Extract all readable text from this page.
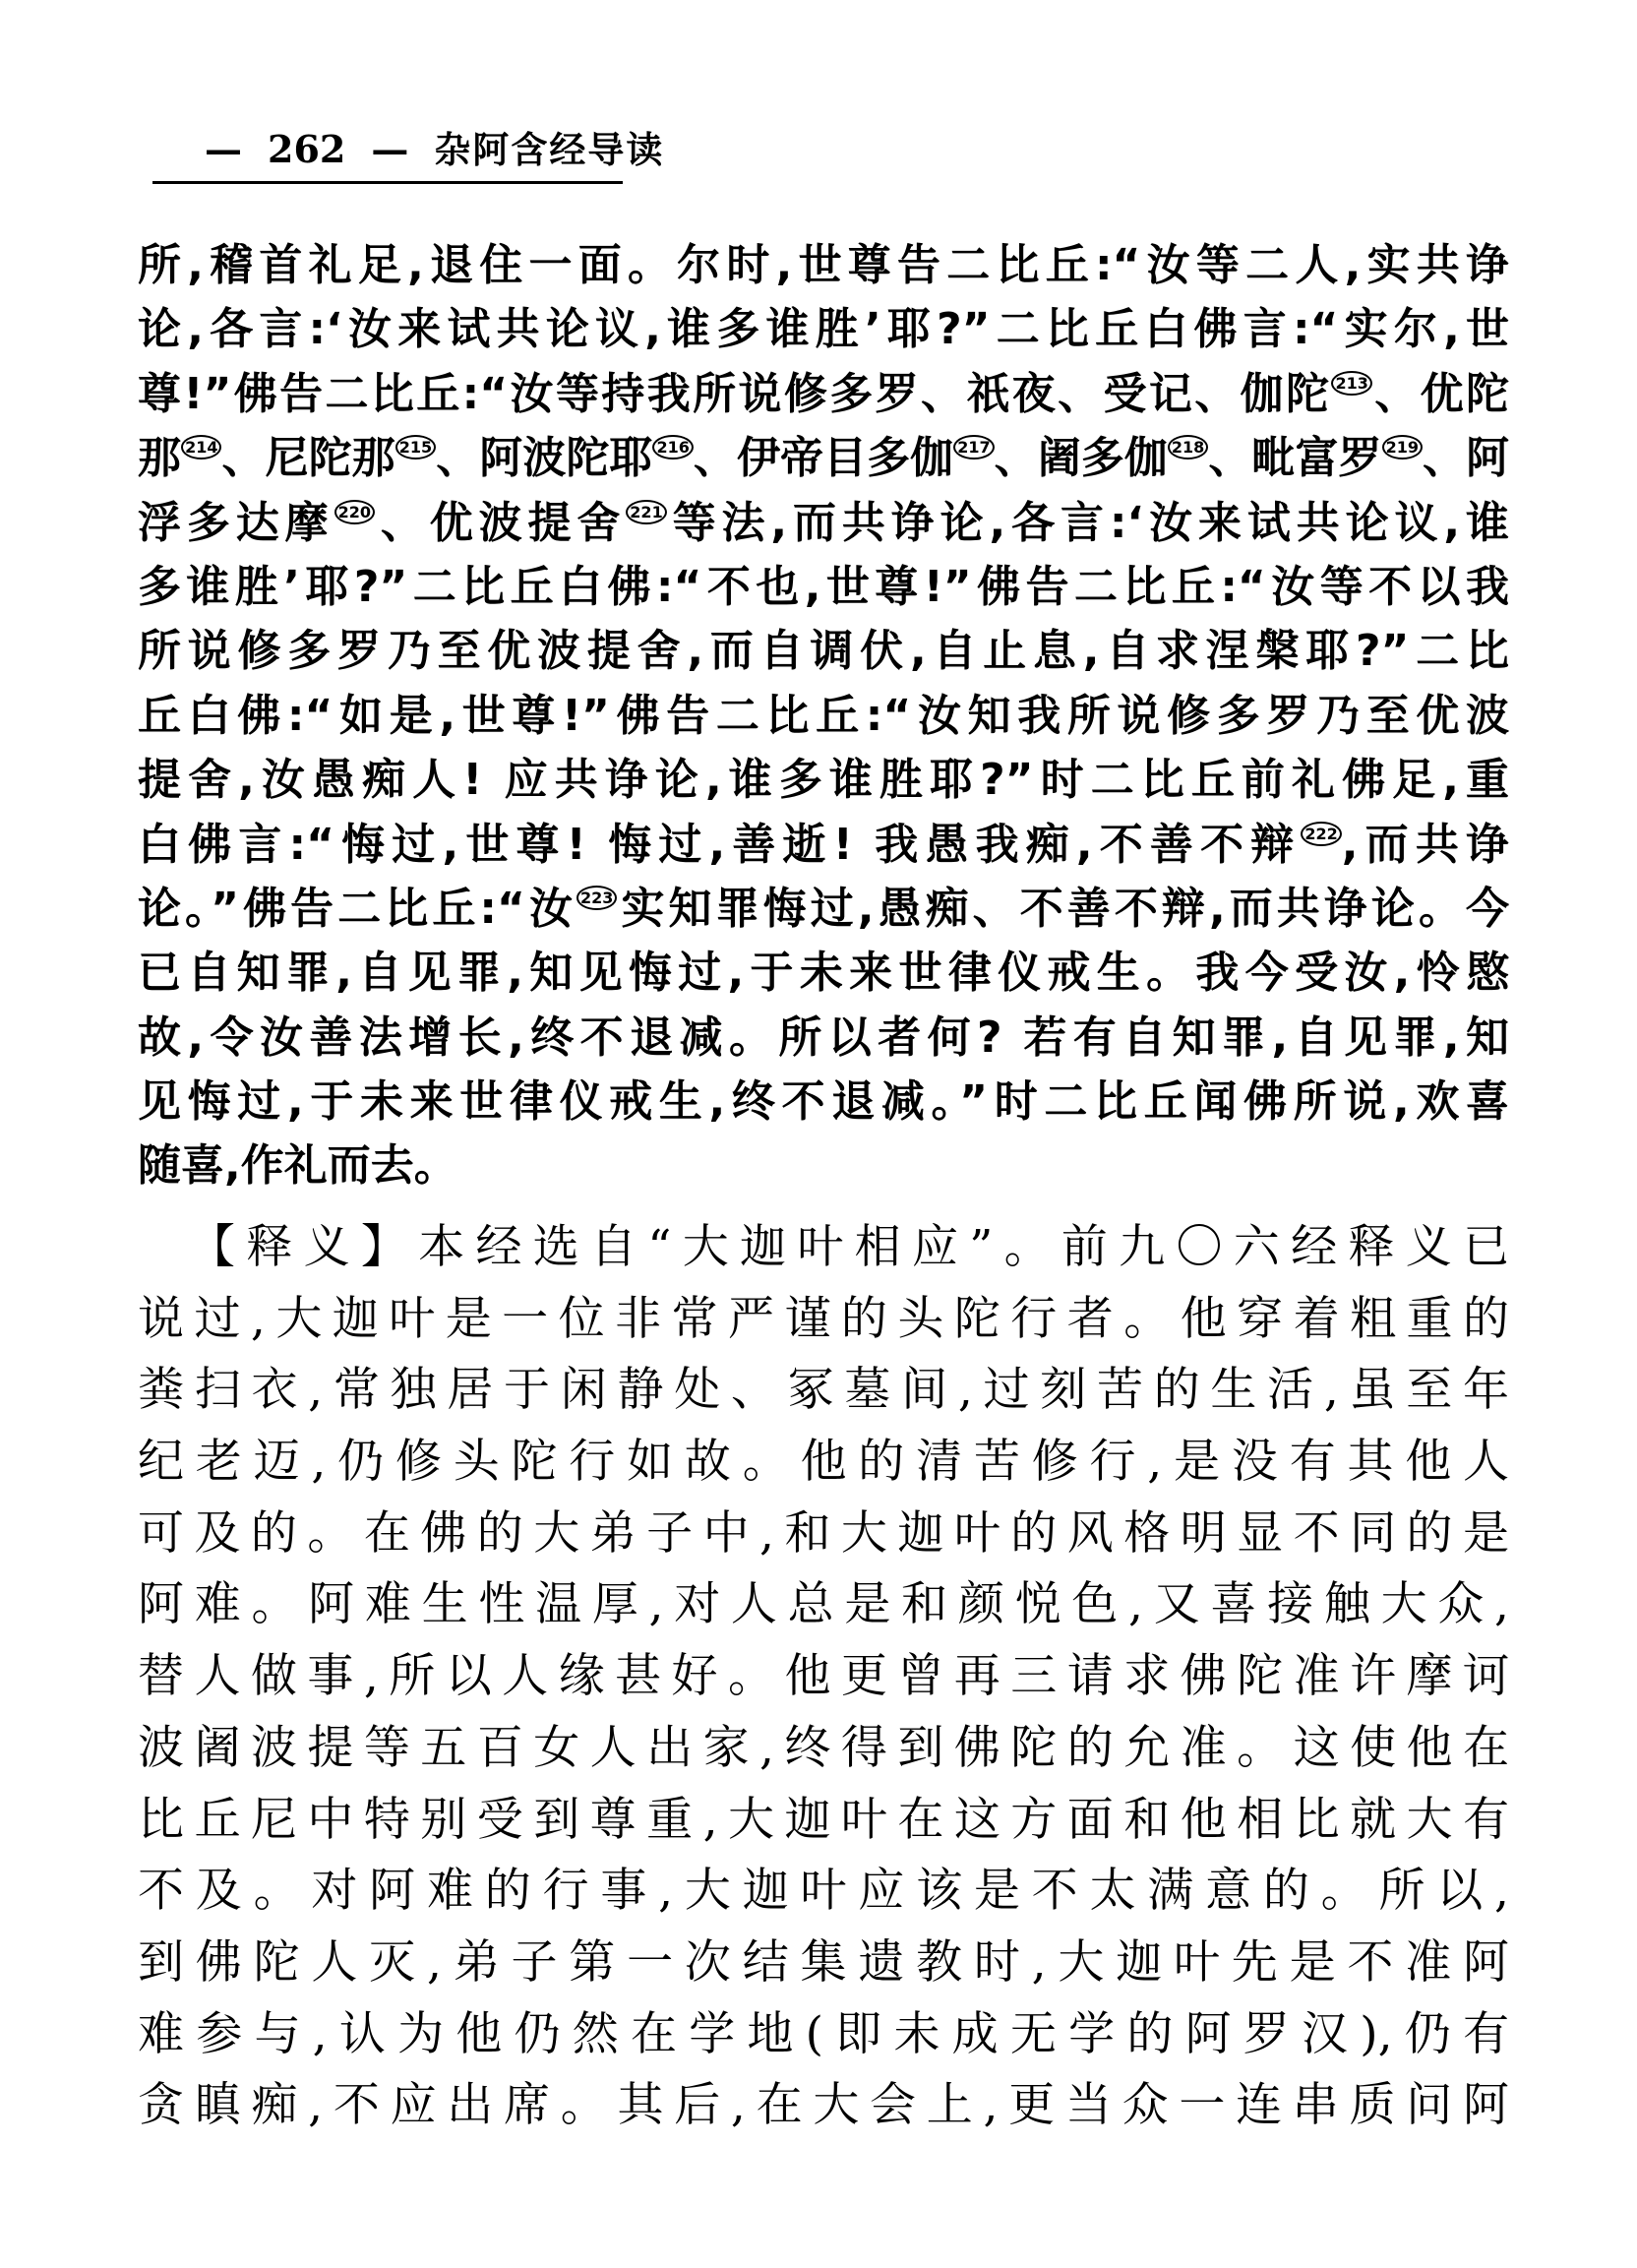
— 262 — 杂阿含经导读
所,稽首礼足,退住一面。尔时,世尊告二比丘:“汝等二人,实共诤
论,各言:‘汝来试共论议,谁多谁胜’耶?”二比丘白佛言:“实尔,世
尊!”佛告二比丘:“汝等持我所说修多罗、祇夜、受记、伽陀 213、优陀
那 214、尼陀那 215、阿波陀耶 216、伊帝目多伽 217、阇多伽 218、毗富罗 219、阿
浮多达摩 220、优波提舍 221等法,而共诤论,各言:‘汝来试共论议,谁
多谁胜’耶?”二比丘白佛:“不也,世尊!”佛告二比丘:“汝等不以我
所说修多罗乃至优波提舍,而自调伏,自止息,自求涅槃耶?”二比
丘白佛:“如是,世尊!”佛告二比丘:“汝知我所说修多罗乃至优波
提舍,汝愚痴人! 应共诤论,谁多谁胜耶?”时二比丘前礼佛足,重
白佛言:“悔过,世尊! 悔过,善逝! 我愚我痴,不善不辩 222,而共诤
论。”佛告二比丘:“汝 223实知罪悔过,愚痴、不善不辩,而共诤论。今
已自知罪,自见罪,知见悔过,于未来世律仪戒生。我今受汝,怜愍
故,令汝善法增长,终不退减。所以者何? 若有自知罪,自见罪,知
见悔过,于未来世律仪戒生,终不退减。”时二比丘闻佛所说,欢喜
随喜,作礼而去。
【释义】本经选自“大迦叶相应”。前九〇六经释义已
说过,大迦叶是一位非常严谨的头陀行者。他穿着粗重的
粪扫衣,常独居于闲静处、冢墓间,过刻苦的生活,虽至年
纪老迈,仍修头陀行如故。他的清苦修行,是没有其他人
可及的。在佛的大弟子中,和大迦叶的风格明显不同的是
阿难。阿难生性温厚,对人总是和颜悦色,又喜接触大众,
替人做事,所以人缘甚好。他更曾再三请求佛陀准许摩诃
波阇波提等五百女人出家,终得到佛陀的允准。这使他在
比丘尼中特别受到尊重,大迦叶在这方面和他相比就大有
不及。对阿难的行事,大迦叶应该是不太满意的。所以,
到佛陀人灭,弟子第一次结集遗教时,大迦叶先是不准阿
难参与,认为他仍然在学地(即未成无学的阿罗汉),仍有
贪瞋痴,不应出席。其后,在大会上,更当众一连串质问阿
